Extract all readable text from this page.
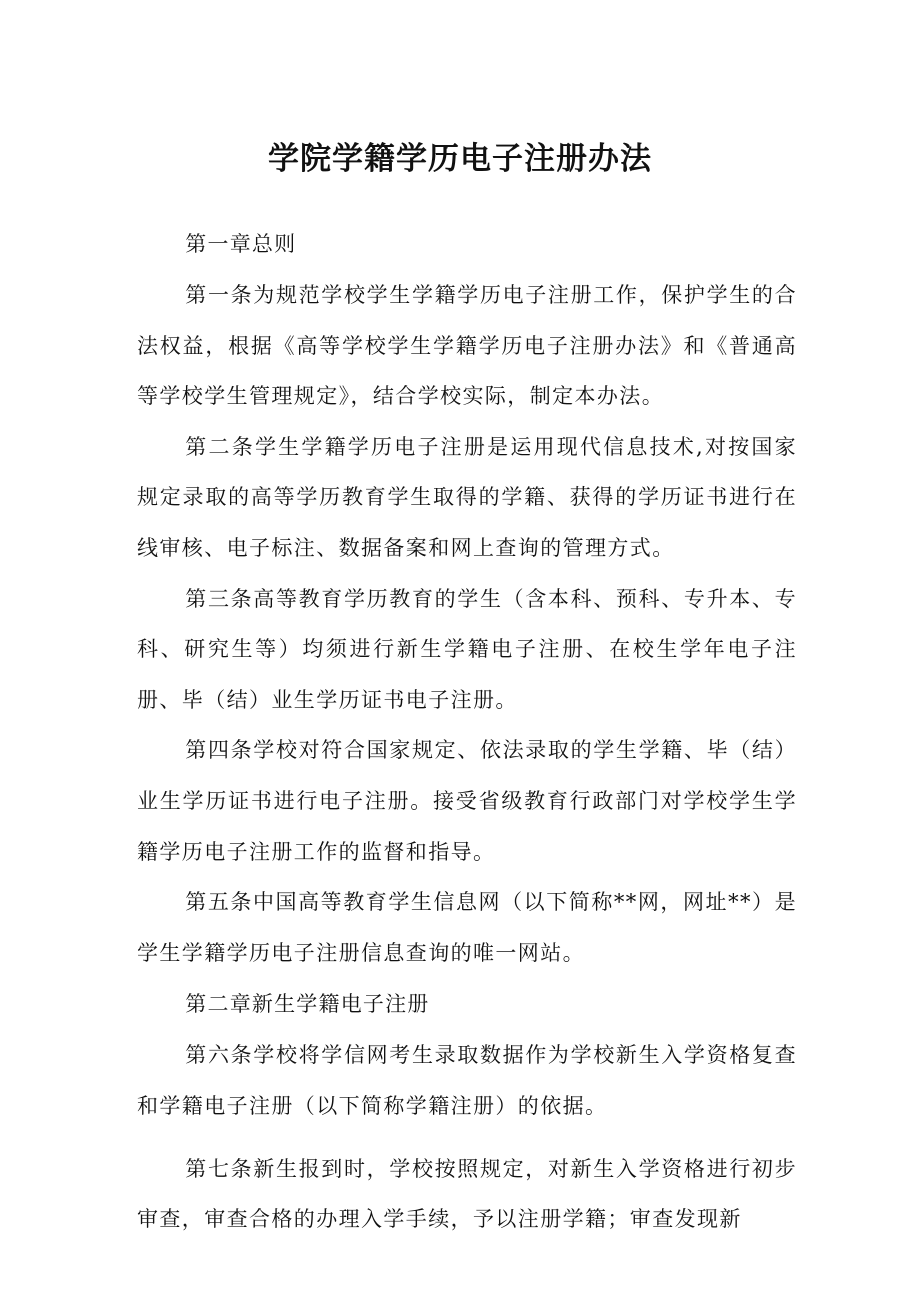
学院学籍学历电子注册办法

第一章总则

第一条为规范学校学生学籍学历电子注册工作，保护学生的合法权益，根据《高等学校学生学籍学历电子注册办法》和《普通高等学校学生管理规定》，结合学校实际，制定本办法。

第二条学生学籍学历电子注册是运用现代信息技术,对按国家规定录取的高等学历教育学生取得的学籍、获得的学历证书进行在线审核、电子标注、数据备案和网上查询的管理方式。

第三条高等教育学历教育的学生（含本科、预科、专升本、专科、研究生等）均须进行新生学籍电子注册、在校生学年电子注册、毕（结）业生学历证书电子注册。

第四条学校对符合国家规定、依法录取的学生学籍、毕（结）业生学历证书进行电子注册。接受省级教育行政部门对学校学生学籍学历电子注册工作的监督和指导。

第五条中国高等教育学生信息网（以下简称**网，网址**）是学生学籍学历电子注册信息查询的唯一网站。

第二章新生学籍电子注册

第六条学校将学信网考生录取数据作为学校新生入学资格复查和学籍电子注册（以下简称学籍注册）的依据。

第七条新生报到时，学校按照规定，对新生入学资格进行初步审查，审查合格的办理入学手续，予以注册学籍；审查发现新
